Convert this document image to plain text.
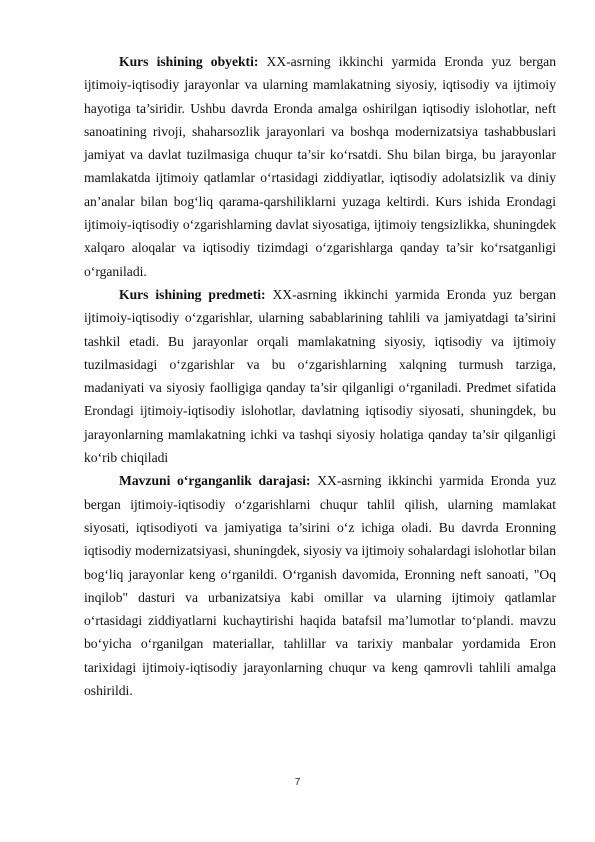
Kurs ishining obyekti: XX-asrning ikkinchi yarmida Eronda yuz bergan ijtimoiy-iqtisodiy jarayonlar va ularning mamlakatning siyosiy, iqtisodiy va ijtimoiy hayotiga ta’siridir. Ushbu davrda Eronda amalga oshirilgan iqtisodiy islohotlar, neft sanoatining rivoji, shaharsozlik jarayonlari va boshqa modernizatsiya tashabbuslari jamiyat va davlat tuzilmasiga chuqur ta’sir ko‘rsatdi. Shu bilan birga, bu jarayonlar mamlakatda ijtimoiy qatlamlar o‘rtasidagi ziddiyatlar, iqtisodiy adolatsizlik va diniy an’analar bilan bog‘liq qarama-qarshiliklarni yuzaga keltirdi. Kurs ishida Erondagi ijtimoiy-iqtisodiy o‘zgarishlarning davlat siyosatiga, ijtimoiy tengsizlikka, shuningdek xalqaro aloqalar va iqtisodiy tizimdagi o‘zgarishlarga qanday ta’sir ko‘rsatganligi o‘rganiladi.

Kurs ishining predmeti: XX-asrning ikkinchi yarmida Eronda yuz bergan ijtimoiy-iqtisodiy o‘zgarishlar, ularning sabablarining tahlili va jamiyatdagi ta’sirini tashkil etadi. Bu jarayonlar orqali mamlakatning siyosiy, iqtisodiy va ijtimoiy tuzilmasidagi o‘zgarishlar va bu o‘zgarishlarning xalqning turmush tarziga, madaniyati va siyosiy faolligiga qanday ta’sir qilganligi o‘rganiladi. Predmet sifatida Erondagi ijtimoiy-iqtisodiy islohotlar, davlatning iqtisodiy siyosati, shuningdek, bu jarayonlarning mamlakatning ichki va tashqi siyosiy holatiga qanday ta’sir qilganligi ko‘rib chiqiladi

Mavzuni o‘rganganlik darajasi: XX-asrning ikkinchi yarmida Eronda yuz bergan ijtimoiy-iqtisodiy o‘zgarishlarni chuqur tahlil qilish, ularning mamlakat siyosati, iqtisodiyoti va jamiyatiga ta’sirini o‘z ichiga oladi. Bu davrda Eronning iqtisodiy modernizatsiyasi, shuningdek, siyosiy va ijtimoiy sohalardagi islohotlar bilan bog‘liq jarayonlar keng o‘rganildi. O‘rganish davomida, Eronning neft sanoati, "Oq inqilob" dasturi va urbanizatsiya kabi omillar va ularning ijtimoiy qatlamlar o‘rtasidagi ziddiyatlarni kuchaytirishi haqida batafsil ma’lumotlar to‘plandi. mavzu bo‘yicha o‘rganilgan materiallar, tahlillar va tarixiy manbalar yordamida Eron tarixidagi ijtimoiy-iqtisodiy jarayonlarning chuqur va keng qamrovli tahlili amalga oshirildi.

7
